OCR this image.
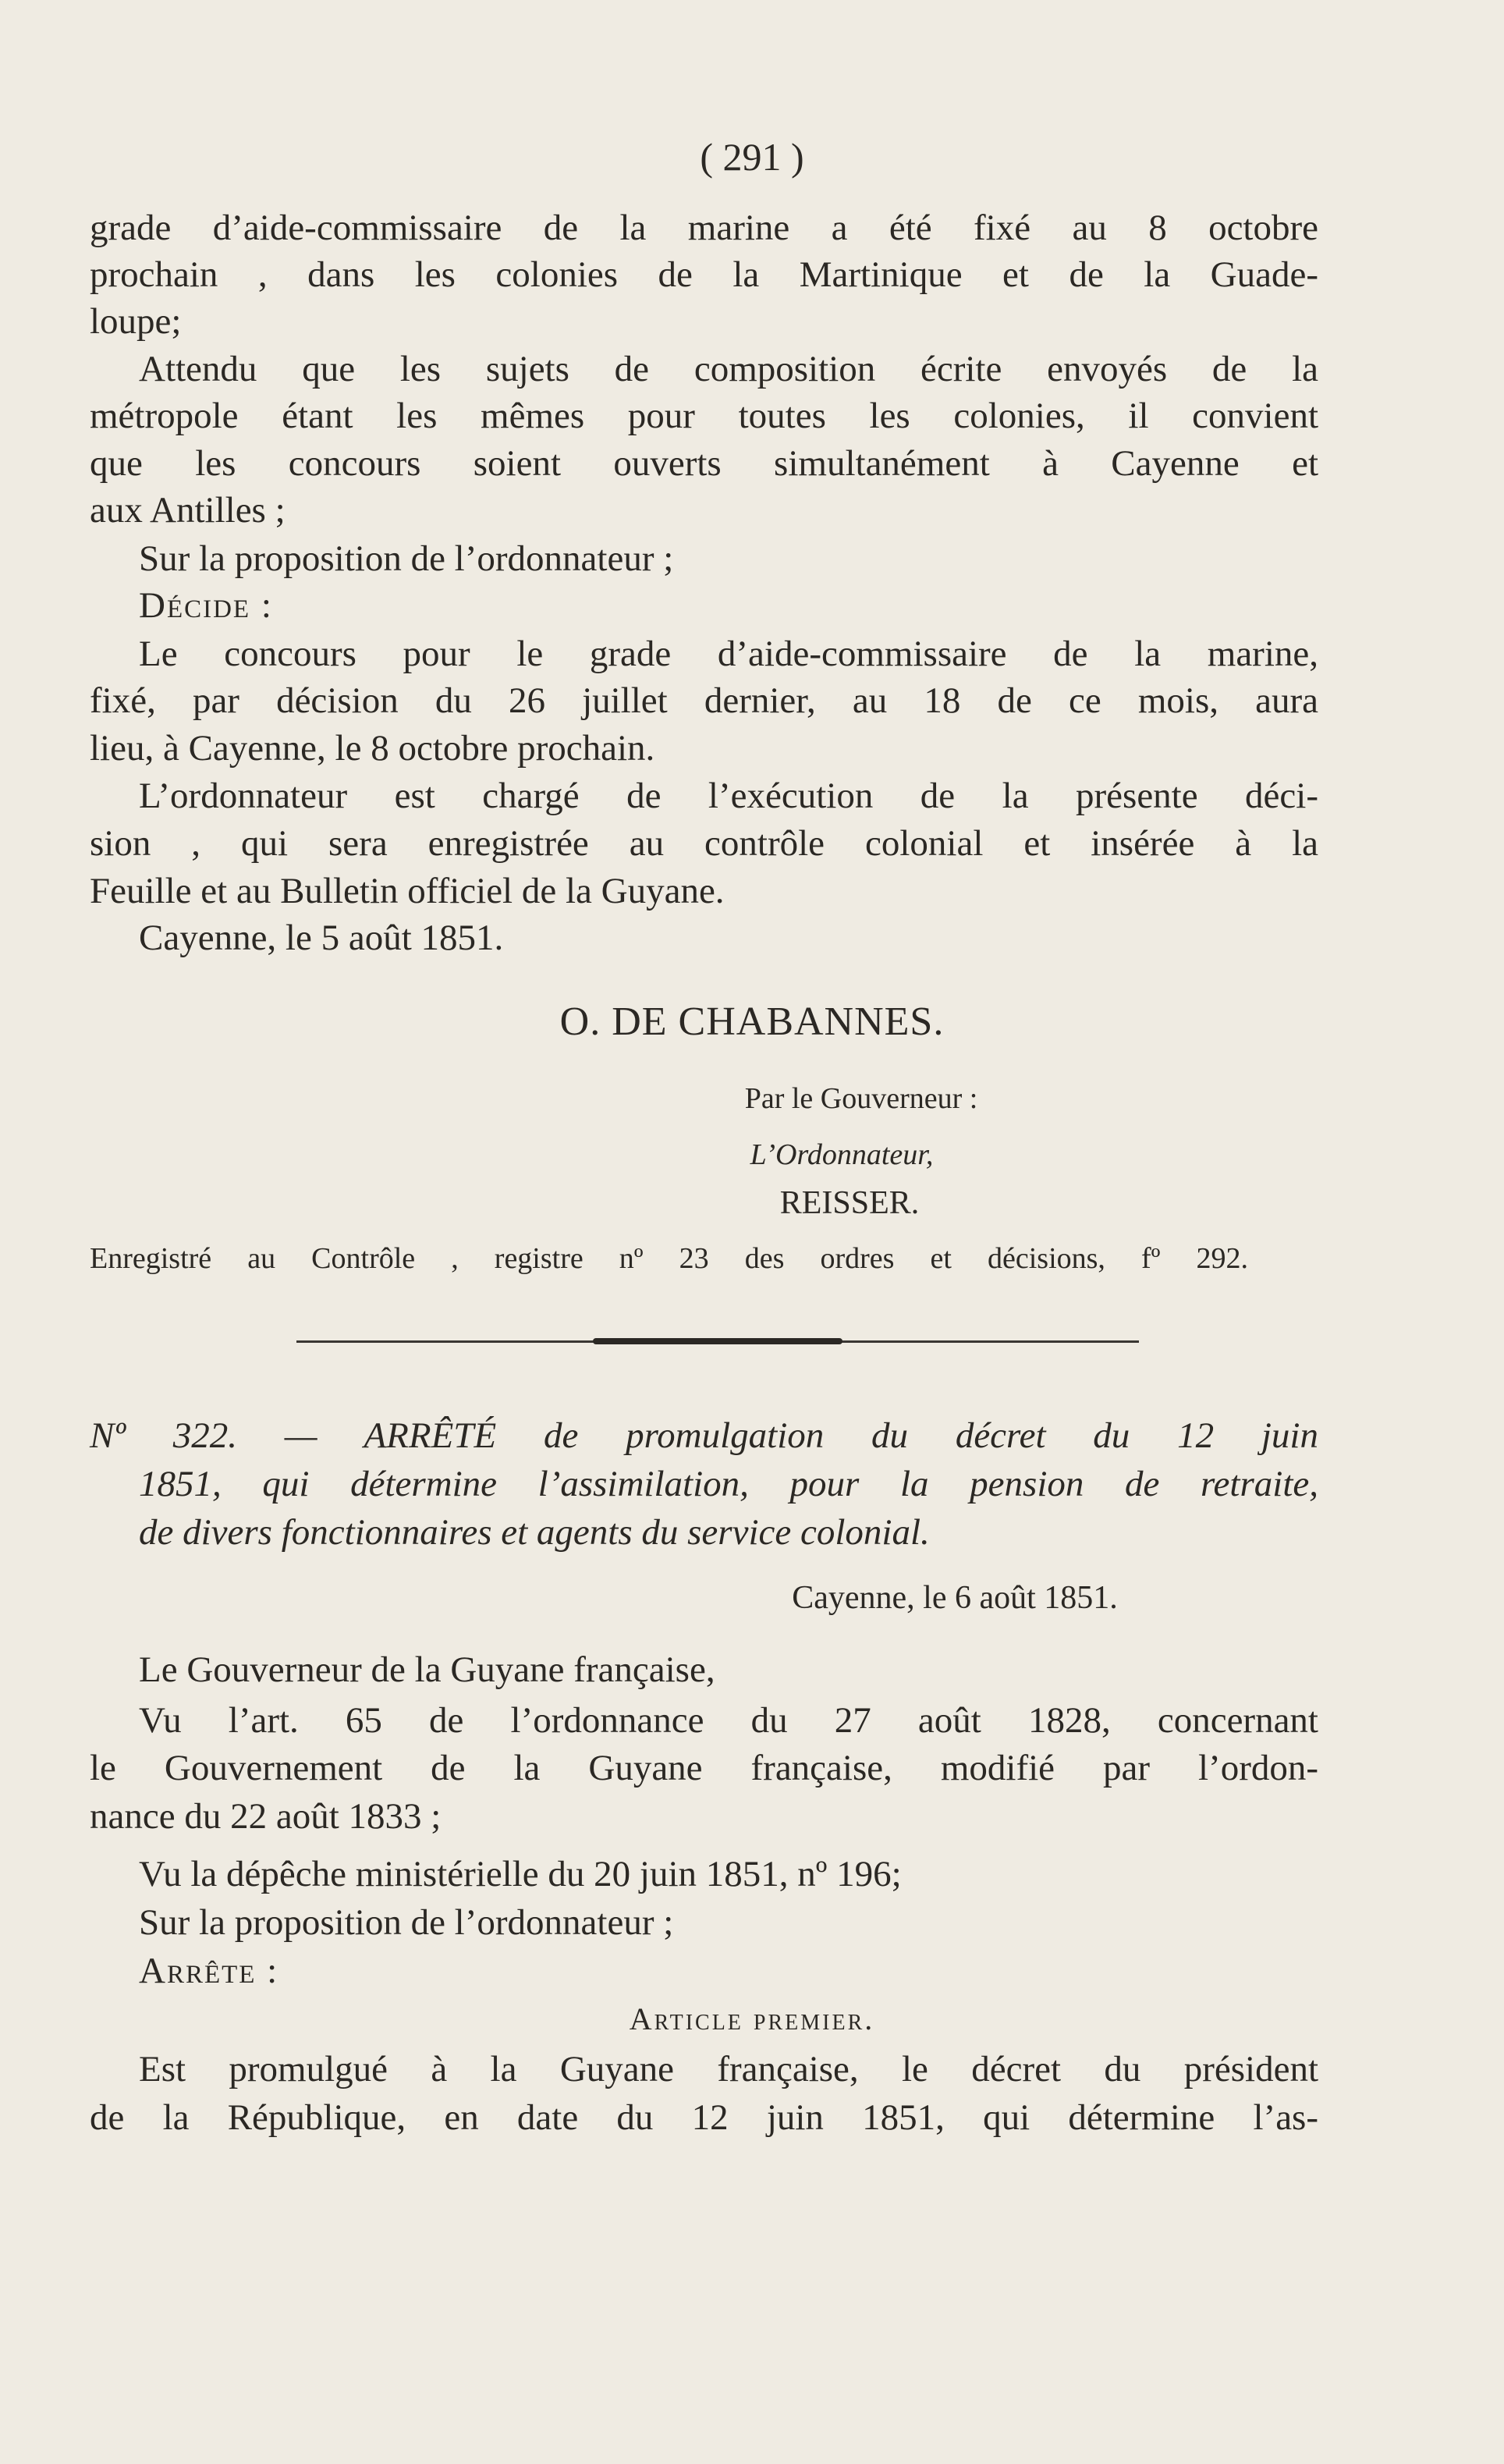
( 291 )
grade d’aide-commissaire de la marine a été fixé au 8 octobre
prochain , dans les colonies de la Martinique et de la Guade-
loupe;
Attendu que les sujets de composition écrite envoyés de la
métropole étant les mêmes pour toutes les colonies, il convient
que les concours soient ouverts simultanément à Cayenne et
aux Antilles ;
Sur la proposition de l’ordonnateur ;
Décide :
Le concours pour le grade d’aide-commissaire de la marine,
fixé, par décision du 26 juillet dernier, au 18 de ce mois, aura
lieu, à Cayenne, le 8 octobre prochain.
L’ordonnateur est chargé de l’exécution de la présente déci-
sion , qui sera enregistrée au contrôle colonial et insérée à la
Feuille et au Bulletin officiel de la Guyane.
Cayenne, le 5 août 1851.
O. DE CHABANNES.
Par le Gouverneur :
L’Ordonnateur,
REISSER.
Enregistré au Contrôle , registre nº 23 des ordres et décisions, fº 292.
Nº 322. — ARRÊTÉ de promulgation du décret du 12 juin
1851, qui détermine l’assimilation, pour la pension de retraite,
de divers fonctionnaires et agents du service colonial.
Cayenne, le 6 août 1851.
Le Gouverneur de la Guyane française,
Vu l’art. 65 de l’ordonnance du 27 août 1828, concernant
le Gouvernement de la Guyane française, modifié par l’ordon-
nance du 22 août 1833 ;
Vu la dépêche ministérielle du 20 juin 1851, nº 196;
Sur la proposition de l’ordonnateur ;
Arrête :
Article premier.
Est promulgué à la Guyane française, le décret du président
de la République, en date du 12 juin 1851, qui détermine l’as-
